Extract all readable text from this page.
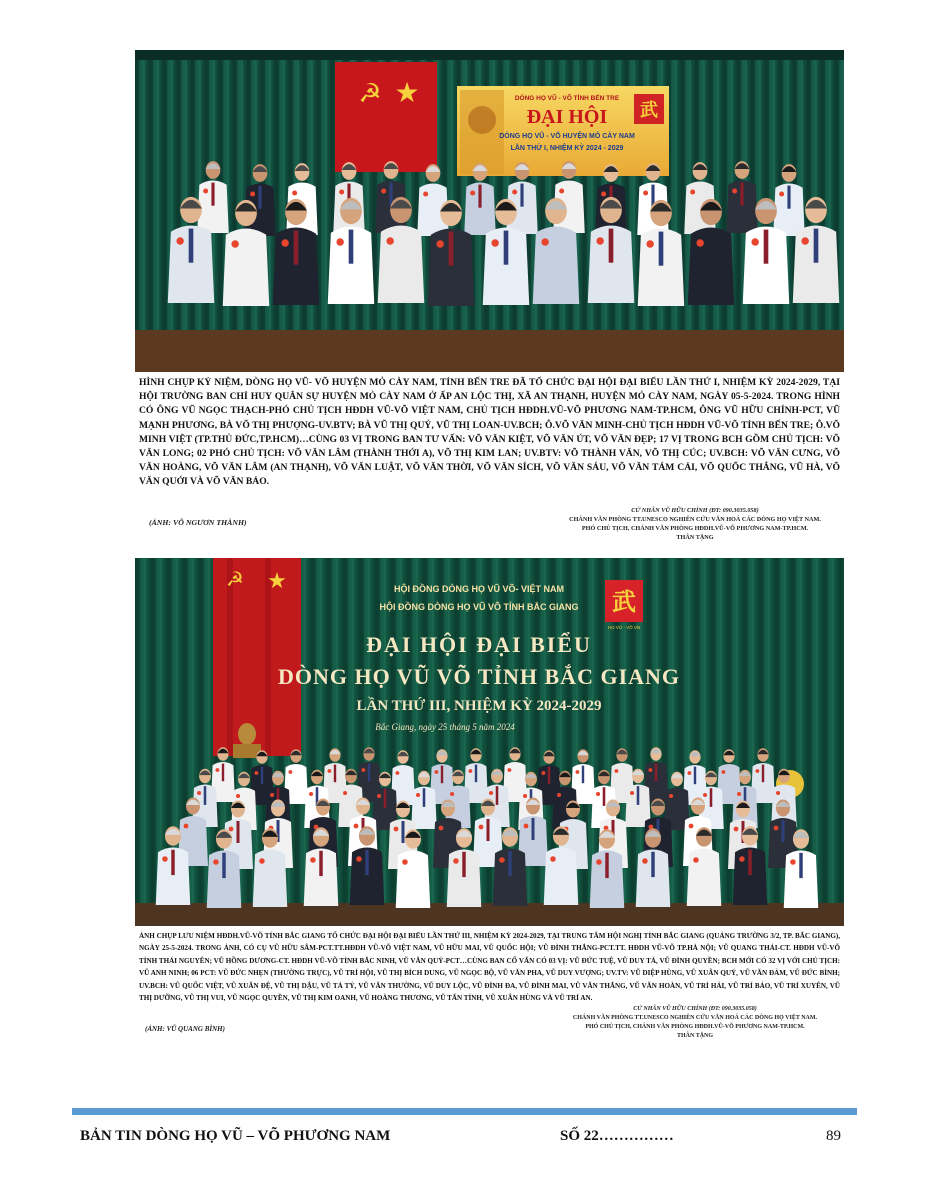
☭ ★
武
DÒNG HỌ VŨ - VÕ TỈNH BẾN TRE
ĐẠI HỘI
DÒNG HỌ VŨ - VÕ HUYỆN MỎ CÀY NAM
LẦN THỨ I, NHIỆM KỲ 2024 - 2029
HÌNH CHỤP KỶ NIỆM, DÒNG HỌ VŨ- VÕ HUYỆN MỎ CÀY NAM, TỈNH BẾN TRE ĐÃ TỔ CHỨC ĐẠI HỘI ĐẠI BIỂU LẦN THỨ I, NHIỆM KỲ 2024-2029, TẠI HỘI TRƯỜNG BAN CHỈ HUY QUÂN SỰ HUYỆN MỎ CÀY NAM Ở ẤP AN LỘC THỊ, XÃ AN THẠNH, HUYỆN MỎ CÀY NAM, NGÀY 05-5-2024. TRONG HÌNH CÓ ÔNG VŨ NGỌC THẠCH-PHÓ CHỦ TỊCH HĐDH VŨ-VÕ VIỆT NAM, CHỦ TỊCH HĐDH.VŨ-VÕ PHƯƠNG NAM-TP.HCM, ÔNG VŨ HỮU CHÍNH-PCT, VŨ MẠNH PHƯƠNG, BÀ VÕ THỊ PHƯỢNG-UV.BTV; BÀ VŨ THỊ QUÝ, VŨ THỊ LOAN-UV.BCH; Ô.VÕ VĂN MINH-CHỦ TỊCH HĐDH VŨ-VÕ TỈNH BẾN TRE; Ô.VÕ MINH VIỆT (TP.THỦ ĐỨC,TP.HCM)…CÙNG 03 VỊ TRONG BAN TƯ VẤN: VÕ VĂN KIỆT, VÕ VĂN ÚT, VÕ VĂN ĐẸP; 17 VỊ TRONG BCH GỒM CHỦ TỊCH: VÕ VĂN LONG; 02 PHÓ CHỦ TỊCH: VÕ VĂN LÂM (THÀNH THỚI A), VÕ THỊ KIM LAN; UV.BTV: VÕ THÀNH VĂN, VÕ THỊ CÚC; UV.BCH: VÕ VĂN CƯNG, VÕ VĂN HOÀNG, VÕ VĂN LÂM (AN THẠNH), VÕ VĂN LUẬT, VÕ VĂN THỜI, VÕ VĂN SÍCH, VÕ VĂN SÁU, VÕ VĂN TÁM CẢI, VÕ QUỐC THẮNG, VŨ HÀ, VÕ VĂN QUỚI VÀ VÕ VĂN BẢO.
(ẢNH: VÕ NGƯƠN THÀNH)
CỬ NHÂN VŨ HỮU CHÍNH (ĐT: 090.3035.058)
CHÁNH VĂN PHÒNG TT.UNESCO NGHIÊN CỨU VĂN HOÁ CÁC DÒNG HỌ VIỆT NAM.
PHÓ CHỦ TỊCH, CHÁNH VĂN PHÒNG HĐDH.VŨ-VÕ PHƯƠNG NAM-TP.HCM.
THÂN TẶNG
☭ ★
武
HỌ VŨ - VÕ VN
HỘI ĐỒNG DÒNG HỌ VŨ VÕ- VIỆT NAM
HỘI ĐỒNG DÒNG HỌ VŨ VÕ TỈNH BẮC GIANG
ĐẠI HỘI ĐẠI BIỂU
DÒNG HỌ VŨ VÕ TỈNH BẮC GIANG
LẦN THỨ III, NHIỆM KỲ 2024-2029
Bắc Giang, ngày 25 tháng 5 năm 2024
ẢNH CHỤP LƯU NIỆM HĐDH.VŨ-VÕ TỈNH BẮC GIANG TỔ CHỨC ĐẠI HỘI ĐẠI BIỂU LẦN THỨ III, NHIỆM KỲ 2024-2029, TẠI TRUNG TÂM HỘI NGHỊ TỈNH BẮC GIANG (QUẢNG TRƯỜNG 3/2, TP. BẮC GIANG), NGÀY 25-5-2024. TRONG ẢNH, CÓ CỤ VŨ HỮU SÂM-PCT.TT.HĐDH VŨ-VÕ VIỆT NAM, VŨ HỮU MAI, VŨ QUỐC HỘI; VŨ ĐÌNH THẮNG-PCT.TT. HĐDH VŨ-VÕ TP.HÀ NỘI; VŨ QUANG THÁI-CT. HĐDH VŨ-VÕ TỈNH THÁI NGUYÊN; VŨ HỒNG DƯƠNG-CT. HĐDH VŨ-VÕ TỈNH BẮC NINH, VŨ VĂN QUÝ-PCT…CÙNG BAN CỐ VẤN CÓ 03 VỊ: VŨ ĐỨC TUỆ, VŨ DUY TÁ, VŨ ĐÌNH QUYỀN; BCH MỚI CÓ 32 VỊ VỚI CHỦ TỊCH: VŨ ANH NINH; 06 PCT: VŨ ĐỨC NHẸN (THƯỜNG TRỰC), VŨ TRÍ HỘI, VŨ THỊ BÍCH DUNG, VŨ NGỌC BỘ, VŨ VĂN PHA, VŨ DUY VƯỢNG; UV.TV: VŨ DIỆP HÙNG, VŨ XUÂN QUÝ, VŨ VĂN ĐẢM, VŨ ĐỨC BÌNH; UV.BCH: VŨ QUỐC VIỆT, VŨ XUÂN ĐỆ, VŨ THỊ DẬU, VŨ TẢ TỶ, VŨ VĂN THƯỜNG, VŨ DUY LỘC, VŨ ĐÌNH ĐA, VŨ ĐÌNH MAI, VŨ VĂN THẮNG, VŨ VĂN HOÀN, VŨ TRÍ HẢI, VŨ TRÍ BẢO, VŨ TRÍ XUYÊN, VŨ THỊ DƯỠNG, VŨ THỊ VUI, VŨ NGỌC QUYỀN, VŨ THỊ KIM OANH, VŨ HOÀNG THƯƠNG, VŨ TẤN TỈNH, VŨ XUÂN HÙNG VÀ VŨ TRÍ AN.
(ẢNH: VŨ QUANG BÌNH)
CỬ NHÂN VŨ HỮU CHÍNH (ĐT: 090.3035.058)
CHÁNH VĂN PHÒNG TT.UNESCO NGHIÊN CỨU VĂN HOÁ CÁC DÒNG HỌ VIỆT NAM.
PHÓ CHỦ TỊCH, CHÁNH VĂN PHÒNG HĐDH.VŨ-VÕ PHƯƠNG NAM-TP.HCM.
THÂN TẶNG
BẢN TIN DÒNG HỌ VŨ – VÕ PHƯƠNG NAM	SỐ 22……………	89
